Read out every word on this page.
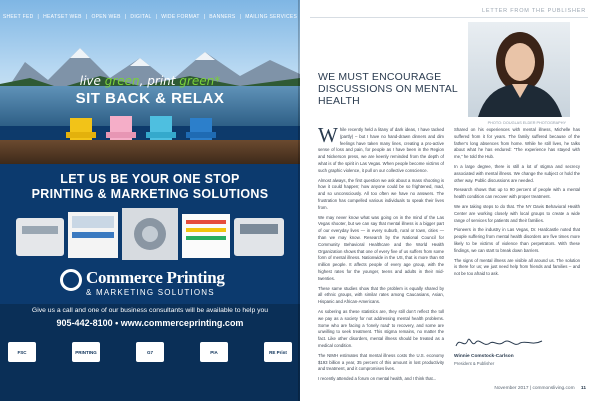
SHEET FED | HEATSET WEB | OPEN WEB | DIGITAL | WIDE FORMAT | BANNERS | MAILING SERVICES
live green, print green*
SIT BACK & RELAX
LET US BE YOUR ONE STOP
PRINTING & MARKETING SOLUTIONS
Commerce Printing
& MARKETING SOLUTIONS
Give us a call and one of our business consultants will be available to help you
905-442-8100 • www.commerceprinting.com
FSC	PRINTING	G7	PIA	RE Print
LETTER FROM THE PUBLISHER
WE MUST ENCOURAGE DISCUSSIONS ON MENTAL HEALTH
PHOTO: DOUGLAS ELDER PHOTOGRAPHY

While recently held a litany of dark ideas, I have tacked (partly) – but I have no hand-drawn dinners and dim feelings have taken many lines, creating a pro-active sense of loss and pain, for people as I have been in the Region and Nickerson press, we are keenly reminded from the depth of what is of the spirit in Las Vegas. When people become victims of such graphic violence, it pull on our collective conscience.

Almost always, the first question we ask about a mass shooting is how it could happen; how anyone could be so frightened, mad, and so unconsciously. All too often we have no answers. The frustration has compelled various individuals to speak their lives from.

We may never know what was going on in the mind of the Las Vegas shooter, but we can say that mental illness is a bigger part of our everyday lives — in every suburb, rural or town, cities — than we may know. Research by the National Council for Community Behavioral Healthcare and the World Health Organization shows that one of every five of us suffers from some form of mental illness. Nationwide in the US, that is more than 60 million people. It affects people of every age group, with the highest rates for the younger, teens and adults in their mid-twenties.

These same studies show that the problem is equally shared by all ethnic groups, with similar rates among Caucasians, Asian, Hispanic and African-Americans.

As sobering as these statistics are, they still don’t reflect the toll we pay as a society for not addressing mental health problems. Some who are facing a ‘lonely road’ to recovery, and some are unwilling to seek treatment. This stigma remains, no matter the fact. Like other disorders, mental illness should be treated as a medical condition.

The NIMH estimates that mental illness costs the U.S. economy $193 billion a year, 35 percent of this amount in lost productivity and treatment, and it compromises lives.

I recently attended a forum on mental health, and I think that...

Shared on his experiences with mental illness, Michelle has suffered from it for years. The family suffered because of the father’s long absences from home. While he still lives, he talks about what he has endured: “The experience has stayed with me,” he told the Hub.

In a large degree, there is still a lot of stigma and secrecy associated with mental illness. We change the subject or hold the other way. Public discussions are needed.

Research shows that up to 90 percent of people with a mental health condition can recover with proper treatment.

We are taking steps to do that. The NY Davis Behavioral Health Center are working closely with local groups to create a wide range of services for patients and their families.

Pioneers in the industry in Las Vegas, Dr. Hardcastle noted that people suffering from mental health disorders are five times more likely to be victims of violence than perpetrators. With these findings, we can start to break down barriers.

The signs of mental illness are visible all around us. The solution is there for us; we just need help from friends and families – and not be too afraid to ask.

Winnie Comstock-Carlson
President & Publisher
November 2017 | commonsliving.com 11
